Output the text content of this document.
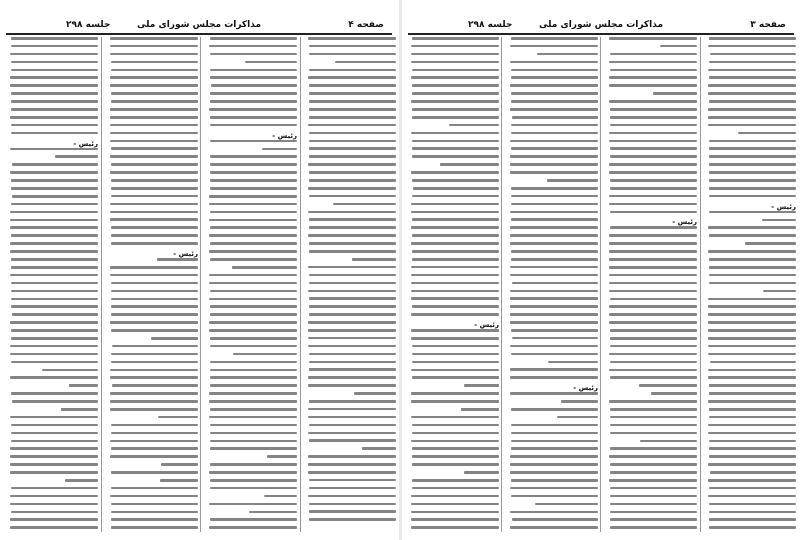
صفحه ۴
مذاکرات مجلس شورای ملی
جلسه ۲۹۸
رئیس -
رئیس -
رئیس -
صفحه ۳
مذاکرات مجلس شورای ملی
جلسه ۲۹۸
رئیس -
رئیس -
رئیس -
رئیس -
